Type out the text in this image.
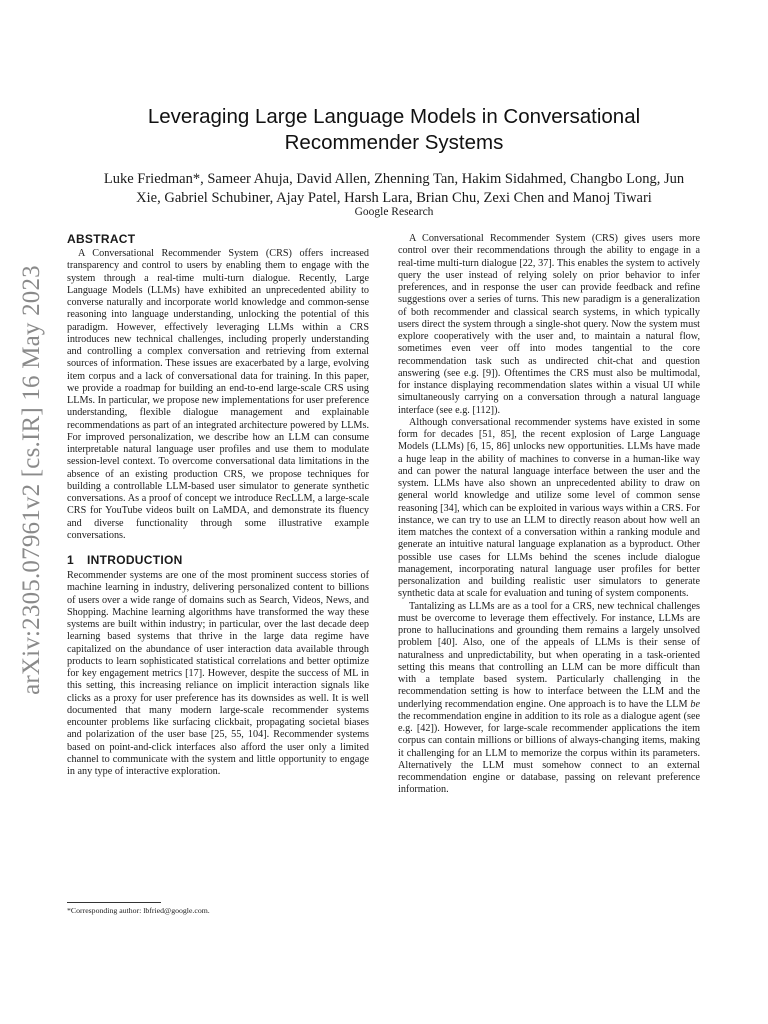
arXiv:2305.07961v2 [cs.IR] 16 May 2023
Leveraging Large Language Models in Conversational
Recommender Systems
Luke Friedman*, Sameer Ahuja, David Allen, Zhenning Tan, Hakim Sidahmed, Changbo Long, Jun
Xie, Gabriel Schubiner, Ajay Patel, Harsh Lara, Brian Chu, Zexi Chen and Manoj Tiwari
Google Research
ABSTRACT

A Conversational Recommender System (CRS) offers increased transparency and control to users by enabling them to engage with the system through a real-time multi-turn dialogue. Recently, Large Language Models (LLMs) have exhibited an unprecedented ability to converse naturally and incorporate world knowledge and common-sense reasoning into language understanding, unlocking the potential of this paradigm. However, effectively leveraging LLMs within a CRS introduces new technical challenges, including properly understanding and controlling a complex conversation and retrieving from external sources of information. These issues are exacerbated by a large, evolving item corpus and a lack of conversational data for training. In this paper, we provide a roadmap for building an end-to-end large-scale CRS using LLMs. In particular, we propose new implementations for user preference understanding, flexible dialogue management and explainable recommendations as part of an integrated architecture powered by LLMs. For improved personalization, we describe how an LLM can consume interpretable natural language user profiles and use them to modulate session-level context. To overcome conversational data limitations in the absence of an existing production CRS, we propose techniques for building a controllable LLM-based user simulator to generate synthetic conversations. As a proof of concept we introduce RecLLM, a large-scale CRS for YouTube videos built on LaMDA, and demonstrate its fluency and diverse functionality through some illustrative example conversations.

1 INTRODUCTION

Recommender systems are one of the most prominent success stories of machine learning in industry, delivering personalized content to billions of users over a wide range of domains such as Search, Videos, News, and Shopping. Machine learning algorithms have transformed the way these systems are built within industry; in particular, over the last decade deep learning based systems that thrive in the large data regime have capitalized on the abundance of user interaction data available through products to learn sophisticated statistical correlations and better optimize for key engagement metrics [17]. However, despite the success of ML in this setting, this increasing reliance on implicit interaction signals like clicks as a proxy for user preference has its downsides as well. It is well documented that many modern large-scale recommender systems encounter problems like surfacing clickbait, propagating societal biases and polarization of the user base [25, 55, 104]. Recommender systems based on point-and-click interfaces also afford the user only a limited channel to communicate with the system and little opportunity to engage in any type of interactive exploration.

A Conversational Recommender System (CRS) gives users more control over their recommendations through the ability to engage in a real-time multi-turn dialogue [22, 37]. This enables the system to actively query the user instead of relying solely on prior behavior to infer preferences, and in response the user can provide feedback and refine suggestions over a series of turns. This new paradigm is a generalization of both recommender and classical search systems, in which typically users direct the system through a single-shot query. Now the system must explore cooperatively with the user and, to maintain a natural flow, sometimes even veer off into modes tangential to the core recommendation task such as undirected chit-chat and question answering (see e.g. [9]). Oftentimes the CRS must also be multimodal, for instance displaying recommendation slates within a visual UI while simultaneously carrying on a conversation through a natural language interface (see e.g. [112]).

Although conversational recommender systems have existed in some form for decades [51, 85], the recent explosion of Large Language Models (LLMs) [6, 15, 86] unlocks new opportunities. LLMs have made a huge leap in the ability of machines to converse in a human-like way and can power the natural language interface between the user and the system. LLMs have also shown an unprecedented ability to draw on general world knowledge and utilize some level of common sense reasoning [34], which can be exploited in various ways within a CRS. For instance, we can try to use an LLM to directly reason about how well an item matches the context of a conversation within a ranking module and generate an intuitive natural language explanation as a byproduct. Other possible use cases for LLMs behind the scenes include dialogue management, incorporating natural language user profiles for better personalization and building realistic user simulators to generate synthetic data at scale for evaluation and tuning of system components.

Tantalizing as LLMs are as a tool for a CRS, new technical challenges must be overcome to leverage them effectively. For instance, LLMs are prone to hallucinations and grounding them remains a largely unsolved problem [40]. Also, one of the appeals of LLMs is their sense of naturalness and unpredictability, but when operating in a task-oriented setting this means that controlling an LLM can be more difficult than with a template based system. Particularly challenging in the recommendation setting is how to interface between the LLM and the underlying recommendation engine. One approach is to have the LLM be the recommendation engine in addition to its role as a dialogue agent (see e.g. [42]). However, for large-scale recommender applications the item corpus can contain millions or billions of always-changing items, making it challenging for an LLM to memorize the corpus within its parameters. Alternatively the LLM must somehow connect to an external recommendation engine or database, passing on relevant preference information.

*Corresponding author: lbfried@google.com.
